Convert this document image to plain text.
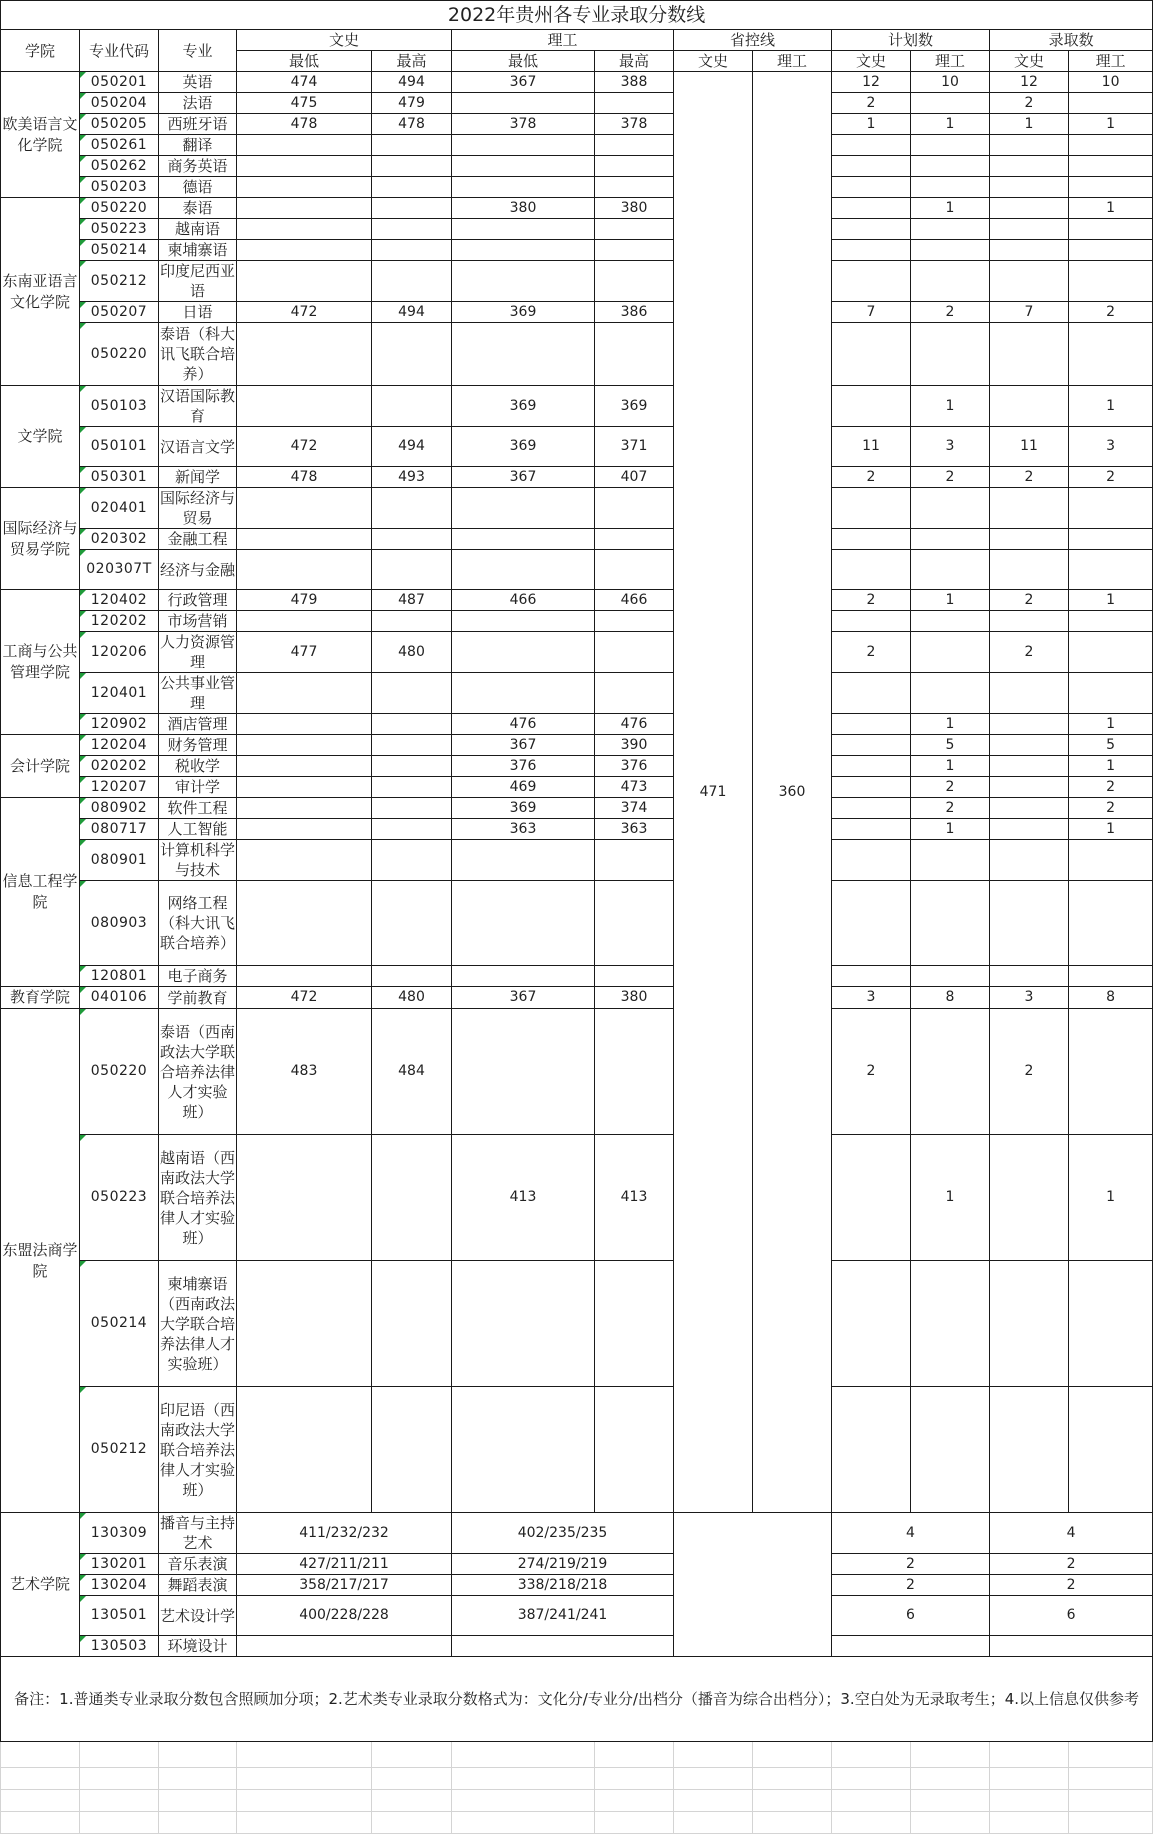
2022年贵州各专业录取分数线												
学院	专业代码	专业	文史		理工		省控线		计划数		录取数	
			最低	最高	最低	最高	文史	理工	文史	理工	文史	理工
欧美语言文化学院	050201	英语	474	494	367	388	471	360	12	10	12	10
	050204	法语	475	479					2		2	
	050205	西班牙语	478	478	378	378			1	1	1	1
	050261	翻译										
	050262	商务英语										
	050203	德语										
东南亚语言文化学院	050220	泰语			380	380				1		1
	050223	越南语										
	050214	柬埔寨语										
	050212	印度尼西亚语										
	050207	日语	472	494	369	386			7	2	7	2
	050220	泰语（科大讯飞联合培养）										
文学院	050103	汉语国际教育			369	369				1		1
	050101	汉语言文学	472	494	369	371			11	3	11	3
	050301	新闻学	478	493	367	407			2	2	2	2
国际经济与贸易学院	020401	国际经济与贸易										
	020302	金融工程										
	020307T	经济与金融										
工商与公共管理学院	120402	行政管理	479	487	466	466			2	1	2	1
	120202	市场营销										
	120206	人力资源管理	477	480					2		2	
	120401	公共事业管理										
	120902	酒店管理			476	476				1		1
会计学院	120204	财务管理			367	390				5		5
	020202	税收学			376	376				1		1
	120207	审计学			469	473				2		2
信息工程学院	080902	软件工程			369	374				2		2
	080717	人工智能			363	363				1		1
	080901	计算机科学与技术										
	080903	网络工程（科大讯飞联合培养）										
	120801	电子商务										
教育学院	040106	学前教育	472	480	367	380			3	8	3	8
东盟法商学院	050220	泰语（西南政法大学联合培养法律人才实验班）	483	484					2		2	
	050223	越南语（西南政法大学联合培养法律人才实验班）			413	413				1		1
	050214	柬埔寨语（西南政法大学联合培养法律人才实验班）										
	050212	印尼语（西南政法大学联合培养法律人才实验班）										
艺术学院	130309	播音与主持艺术	411/232/232		402/235/235				4		4	
	130201	音乐表演	427/211/211		274/219/219				2		2	
	130204	舞蹈表演	358/217/217		338/218/218				2		2	
	130501	艺术设计学	400/228/228		387/241/241				6		6	
	130503	环境设计										
备注：1.普通类专业录取分数包含照顾加分项；2.艺术类专业录取分数格式为：文化分/专业分/出档分（播音为综合出档分）；3.空白处为无录取考生；4.以上信息仅供参考												
